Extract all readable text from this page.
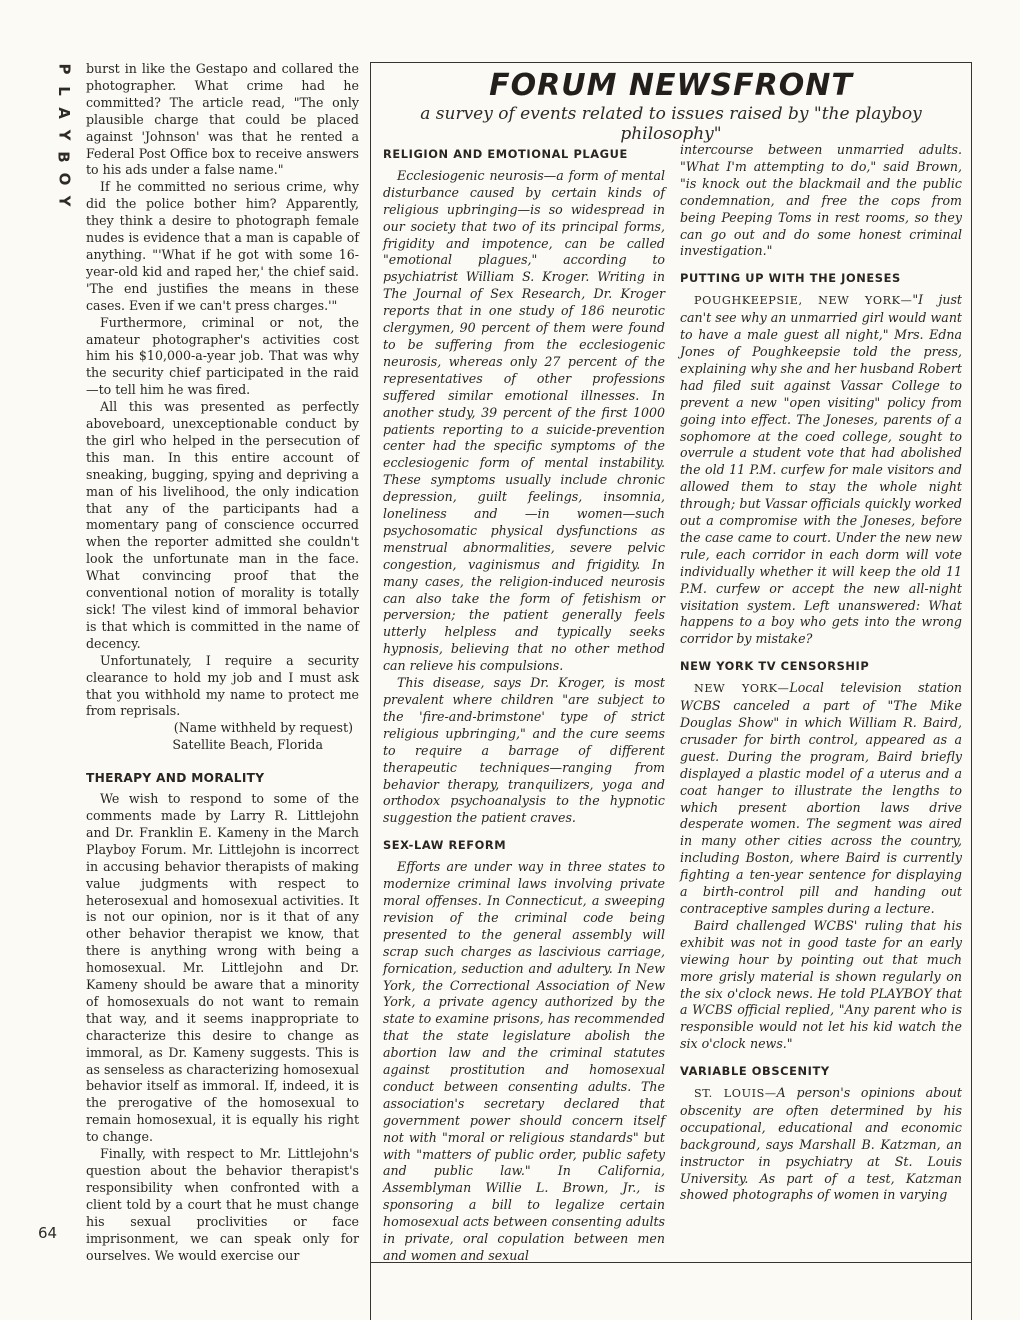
P
L
A
Y
B
O
Y
64

burst in like the Gestapo and collared the photographer. What crime had he committed? The article read, "The only plausible charge that could be placed against 'Johnson' was that he rented a Federal Post Office box to receive answers to his ads under a false name."

If he committed no serious crime, why did the police bother him? Apparently, they think a desire to photograph female nudes is evidence that a man is capable of anything. "'What if he got with some 16-year-old kid and raped her,' the chief said. 'The end justifies the means in these cases. Even if we can't press charges.'"

Furthermore, criminal or not, the amateur photographer's activities cost him his $10,000-a-year job. That was why the security chief participated in the raid—to tell him he was fired.

All this was presented as perfectly aboveboard, unexceptionable conduct by the girl who helped in the persecution of this man. In this entire account of sneaking, bugging, spying and depriving a man of his livelihood, the only indication that any of the participants had a momentary pang of conscience occurred when the reporter admitted she couldn't look the unfortunate man in the face. What convincing proof that the conventional notion of morality is totally sick! The vilest kind of immoral behavior is that which is committed in the name of decency.

Unfortunately, I require a security clearance to hold my job and I must ask that you withhold my name to protect me from reprisals.

(Name withheld by request)

Satellite Beach, Florida

THERAPY AND MORALITY

We wish to respond to some of the comments made by Larry R. Littlejohn and Dr. Franklin E. Kameny in the March Playboy Forum. Mr. Littlejohn is incorrect in accusing behavior therapists of making value judgments with respect to heterosexual and homosexual activities. It is not our opinion, nor is it that of any other behavior therapist we know, that there is anything wrong with being a homosexual. Mr. Littlejohn and Dr. Kameny should be aware that a minority of homosexuals do not want to remain that way, and it seems inappropriate to characterize this desire to change as immoral, as Dr. Kameny suggests. This is as senseless as characterizing homosexual behavior itself as immoral. If, indeed, it is the prerogative of the homosexual to remain homosexual, it is equally his right to change.

Finally, with respect to Mr. Littlejohn's question about the behavior therapist's responsibility when confronted with a client told by a court that he must change his sexual proclivities or face imprisonment, we can speak only for ourselves. We would exercise our

FORUM NEWSFRONT
a survey of events related to issues raised by "the playboy philosophy"
RELIGION AND EMOTIONAL PLAGUE

Ecclesiogenic neurosis—a form of mental disturbance caused by certain kinds of religious upbringing—is so widespread in our society that two of its principal forms, frigidity and impotence, can be called "emotional plagues," according to psychiatrist William S. Kroger. Writing in The Journal of Sex Research, Dr. Kroger reports that in one study of 186 neurotic clergymen, 90 percent of them were found to be suffering from the ecclesiogenic neurosis, whereas only 27 percent of the representatives of other professions suffered similar emotional illnesses. In another study, 39 percent of the first 1000 patients reporting to a suicide-prevention center had the specific symptoms of the ecclesiogenic form of mental instability. These symptoms usually include chronic depression, guilt feelings, insomnia, loneliness and —in women—such psychosomatic physical dysfunctions as menstrual abnormalities, severe pelvic congestion, vaginismus and frigidity. In many cases, the religion-induced neurosis can also take the form of fetishism or perversion; the patient generally feels utterly helpless and typically seeks hypnosis, believing that no other method can relieve his compulsions.

This disease, says Dr. Kroger, is most prevalent where children "are subject to the 'fire-and-brimstone' type of strict religious upbringing," and the cure seems to require a barrage of different therapeutic techniques—ranging from behavior therapy, tranquilizers, yoga and orthodox psychoanalysis to the hypnotic suggestion the patient craves.

SEX-LAW REFORM

Efforts are under way in three states to modernize criminal laws involving private moral offenses. In Connecticut, a sweeping revision of the criminal code being presented to the general assembly will scrap such charges as lascivious carriage, fornication, seduction and adultery. In New York, the Correctional Association of New York, a private agency authorized by the state to examine prisons, has recommended that the state legislature abolish the abortion law and the criminal statutes against prostitution and homosexual conduct between consenting adults. The association's secretary declared that government power should concern itself not with "moral or religious standards" but with "matters of public order, public safety and public law." In California, Assemblyman Willie L. Brown, Jr., is sponsoring a bill to legalize certain homosexual acts between consenting adults in private, oral copulation between men and women and sexual

intercourse between unmarried adults. "What I'm attempting to do," said Brown, "is knock out the blackmail and the public condemnation, and free the cops from being Peeping Toms in rest rooms, so they can go out and do some honest criminal investigation."

PUTTING UP WITH THE JONESES

POUGHKEEPSIE, NEW YORK—"I just can't see why an unmarried girl would want to have a male guest all night," Mrs. Edna Jones of Poughkeepsie told the press, explaining why she and her husband Robert had filed suit against Vassar College to prevent a new "open visiting" policy from going into effect. The Joneses, parents of a sophomore at the coed college, sought to overrule a student vote that had abolished the old 11 P.M. curfew for male visitors and allowed them to stay the whole night through; but Vassar officials quickly worked out a compromise with the Joneses, before the case came to court. Under the new new rule, each corridor in each dorm will vote individually whether it will keep the old 11 P.M. curfew or accept the new all-night visitation system. Left unanswered: What happens to a boy who gets into the wrong corridor by mistake?

NEW YORK TV CENSORSHIP

NEW YORK—Local television station WCBS canceled a part of "The Mike Douglas Show" in which William R. Baird, crusader for birth control, appeared as a guest. During the program, Baird briefly displayed a plastic model of a uterus and a coat hanger to illustrate the lengths to which present abortion laws drive desperate women. The segment was aired in many other cities across the country, including Boston, where Baird is currently fighting a ten-year sentence for displaying a birth-control pill and handing out contraceptive samples during a lecture.

Baird challenged WCBS' ruling that his exhibit was not in good taste for an early viewing hour by pointing out that much more grisly material is shown regularly on the six o'clock news. He told PLAYBOY that a WCBS official replied, "Any parent who is responsible would not let his kid watch the six o'clock news."

VARIABLE OBSCENITY

ST. LOUIS—A person's opinions about obscenity are often determined by his occupational, educational and economic background, says Marshall B. Katzman, an instructor in psychiatry at St. Louis University. As part of a test, Katzman showed photographs of women in varying
